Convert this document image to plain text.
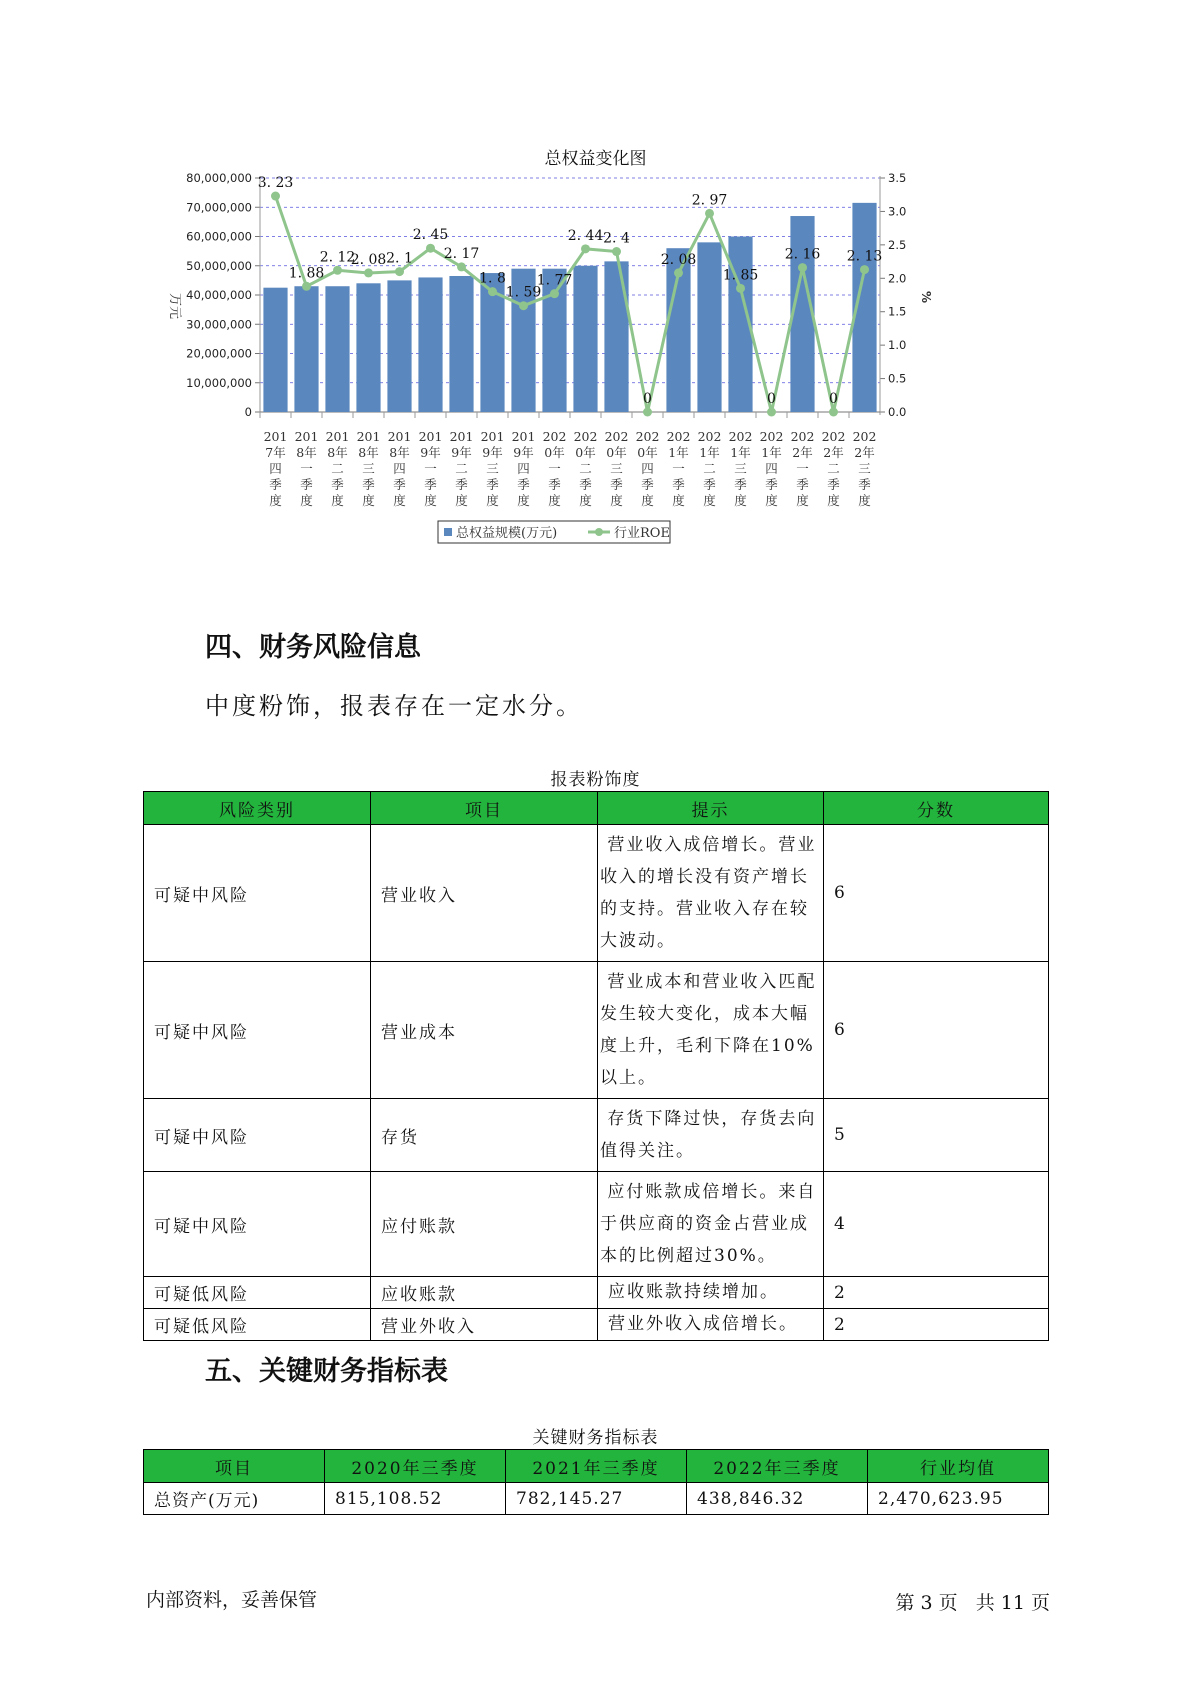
总权益变化图
0
10,000,000
20,000,000
30,000,000
40,000,000
50,000,000
60,000,000
70,000,000
80,000,000
0.0
0.5
1.0
1.5
2.0
2.5
3.0
3.5
万元	%
201
7年
四
季
度
201
8年
一
季
度
201
8年
二
季
度
201
8年
三
季
度
201
8年
四
季
度
201
9年
一
季
度
201
9年
二
季
度
201
9年
三
季
度
201
9年
四
季
度
202
0年
一
季
度
202
0年
二
季
度
202
0年
三
季
度
202
0年
四
季
度
202
1年
一
季
度
202
1年
二
季
度
202
1年
三
季
度
202
1年
四
季
度
202
2年
一
季
度
202
2年
二
季
度
202
2年
三
季
度
3. 23
1. 88
2. 12
2. 08 2. 1
2. 45
2. 17
1. 8
1. 59
1. 77
2. 44 2. 4
0
2. 08
2. 97
1. 85
0
2. 16
0
2. 13
总权益规模(万元)	行业ROE
四、财务风险信息
中度粉饰，报表存在一定水分。
报表粉饰度
风险类别	项目	提示	分数
可疑中风险	营业收入	营业收入成倍增长。营业收入的增长没有资产增长的支持。营业收入存在较大波动。	6
可疑中风险	营业成本	营业成本和营业收入匹配发生较大变化，成本大幅度上升，毛利下降在10%以上。	6
可疑中风险	存货	存货下降过快，存货去向值得关注。	5
可疑中风险	应付账款	应付账款成倍增长。来自于供应商的资金占营业成本的比例超过30%。	4
可疑低风险	应收账款	应收账款持续增加。	2
可疑低风险	营业外收入	营业外收入成倍增长。	2
五、关键财务指标表
关键财务指标表
项目	2020年三季度	2021年三季度	2022年三季度	行业均值
总资产(万元)	815,108.52	782,145.27	438,846.32	2,470,623.95
内部资料，妥善保管	第 3 页   共 11 页
